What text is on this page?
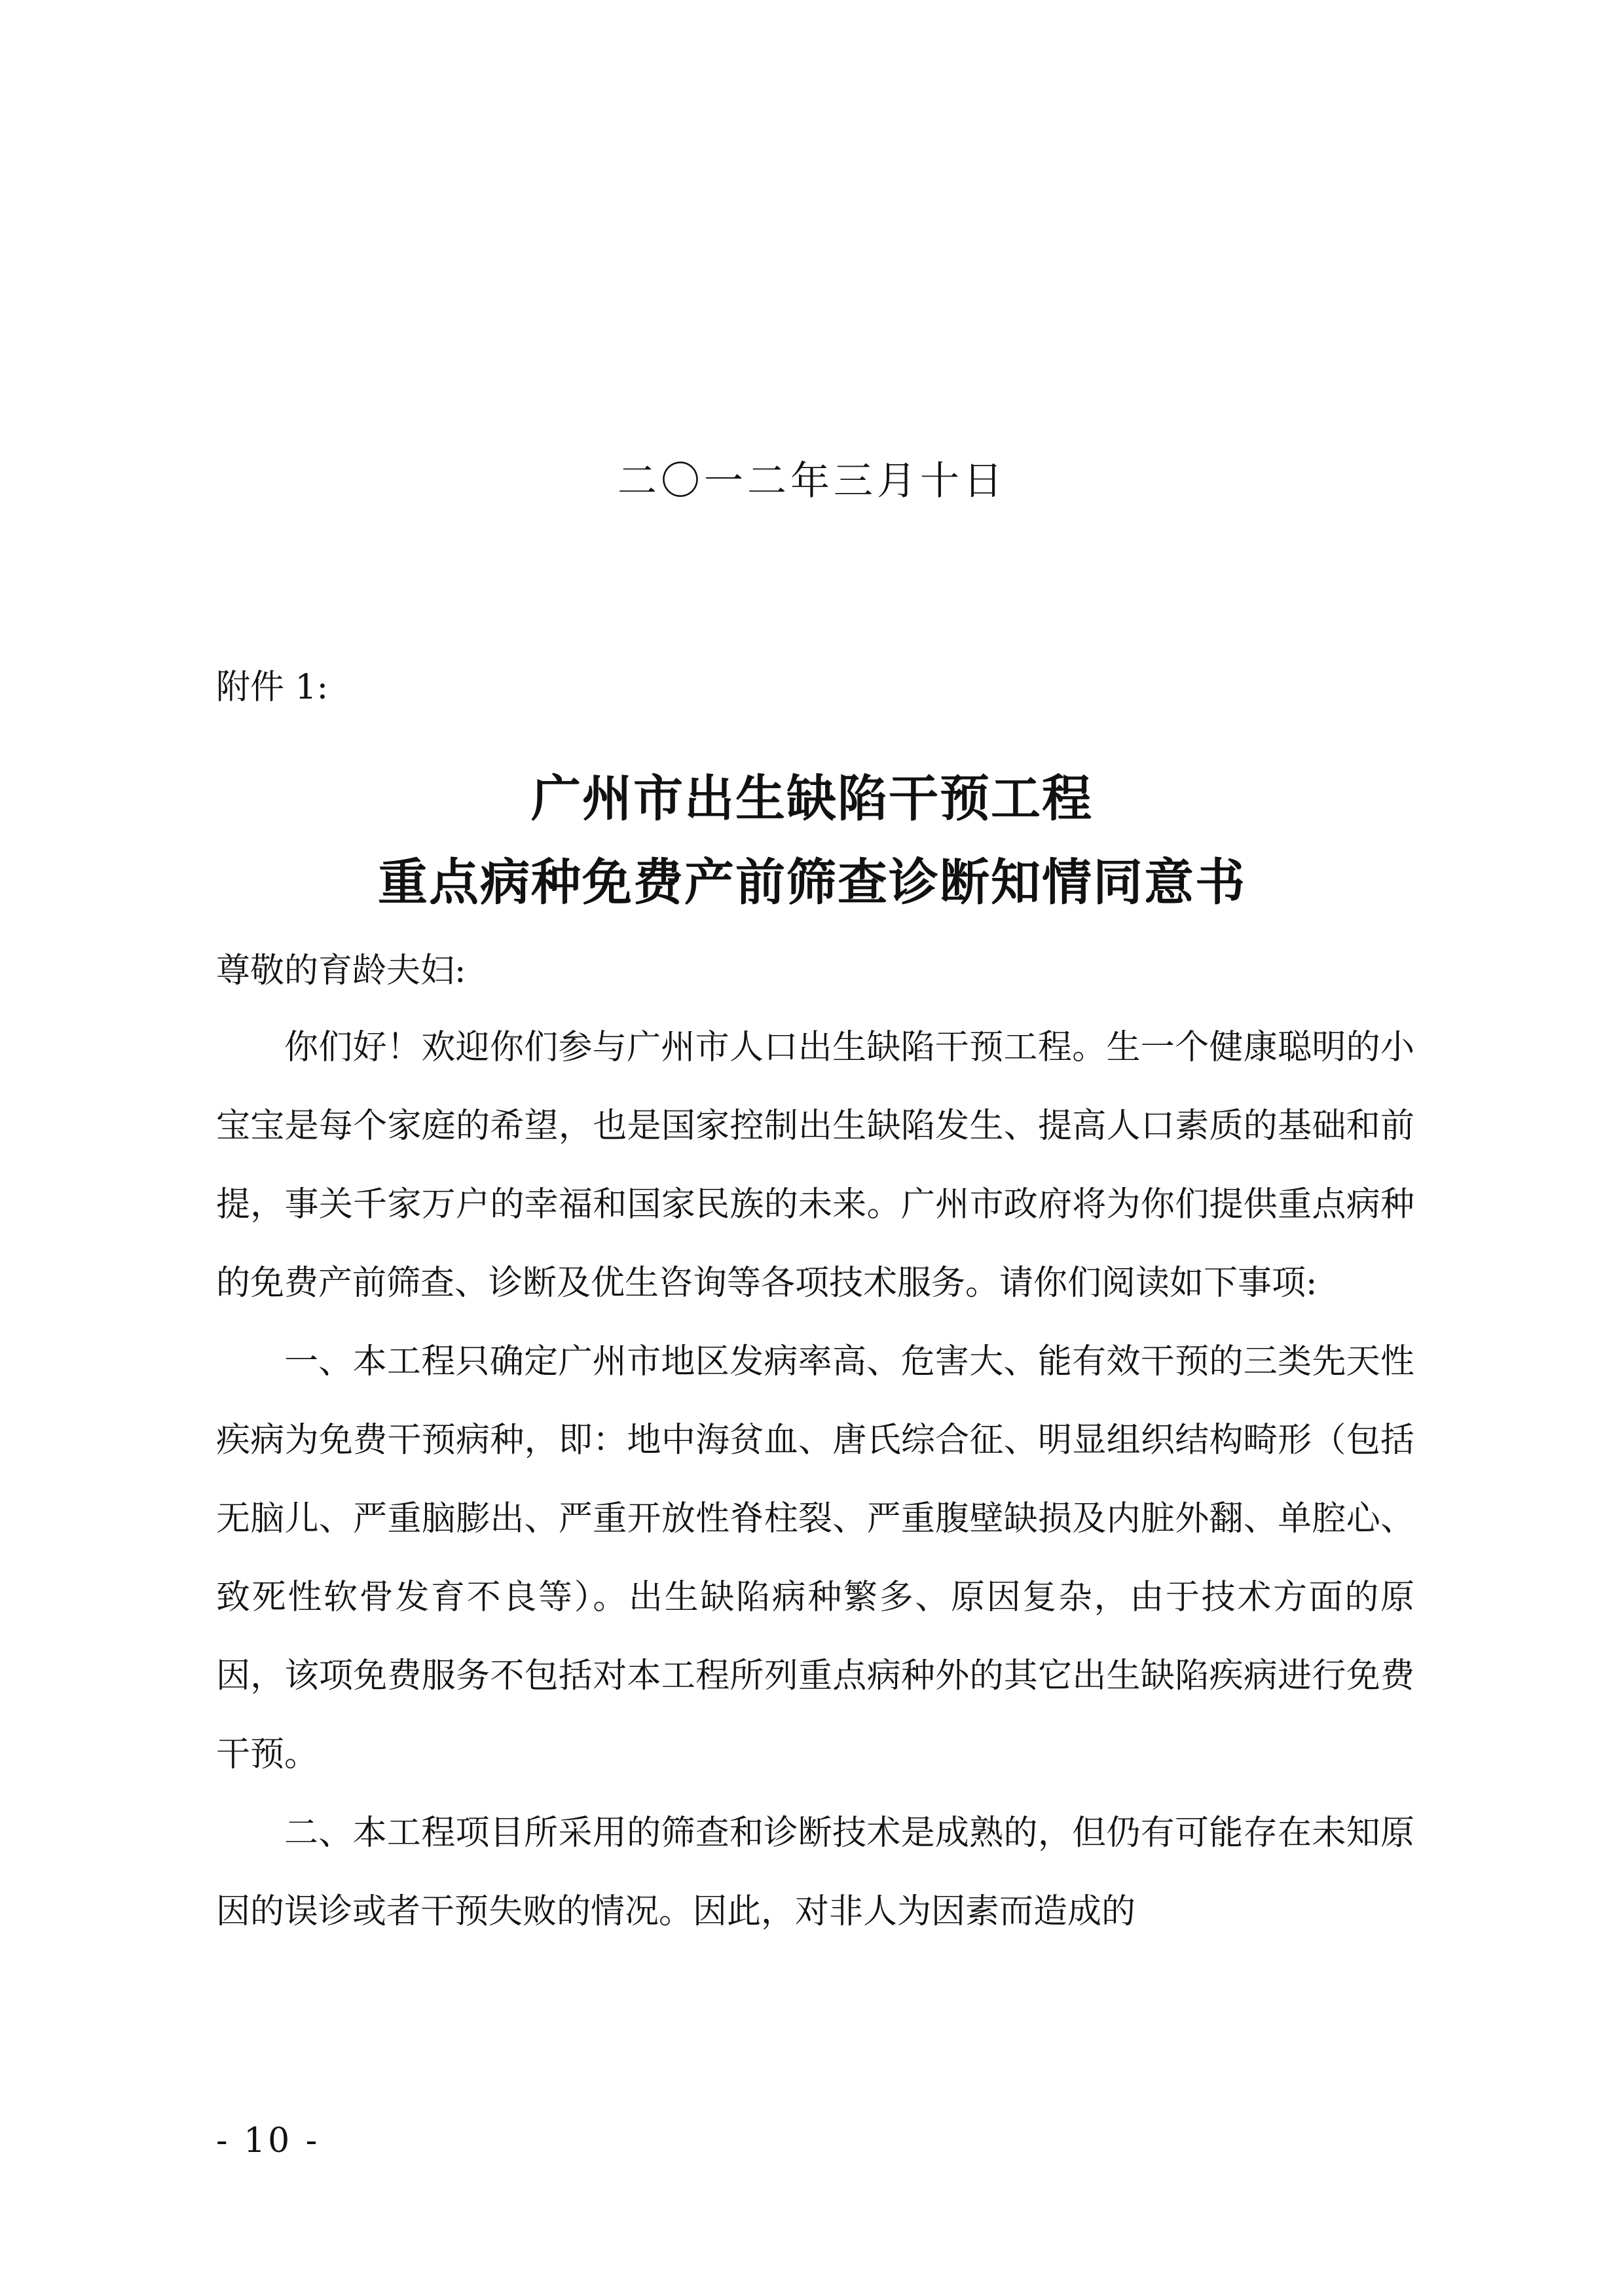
二〇一二年三月十日
附件 1:
广州市出生缺陷干预工程
重点病种免费产前筛查诊断知情同意书
尊敬的育龄夫妇:

你们好！欢迎你们参与广州市人口出生缺陷干预工程。生一个健康聪明的小宝宝是每个家庭的希望，也是国家控制出生缺陷发生、提高人口素质的基础和前提，事关千家万户的幸福和国家民族的未来。广州市政府将为你们提供重点病种的免费产前筛查、诊断及优生咨询等各项技术服务。请你们阅读如下事项:

一、本工程只确定广州市地区发病率高、危害大、能有效干预的三类先天性疾病为免费干预病种，即：地中海贫血、唐氏综合征、明显组织结构畸形（包括无脑儿、严重脑膨出、严重开放性脊柱裂、严重腹壁缺损及内脏外翻、单腔心、致死性软骨发育不良等）。出生缺陷病种繁多、原因复杂，由于技术方面的原因，该项免费服务不包括对本工程所列重点病种外的其它出生缺陷疾病进行免费干预。

二、本工程项目所采用的筛查和诊断技术是成熟的，但仍有可能存在未知原因的误诊或者干预失败的情况。因此，对非人为因素而造成的

- 10 -
